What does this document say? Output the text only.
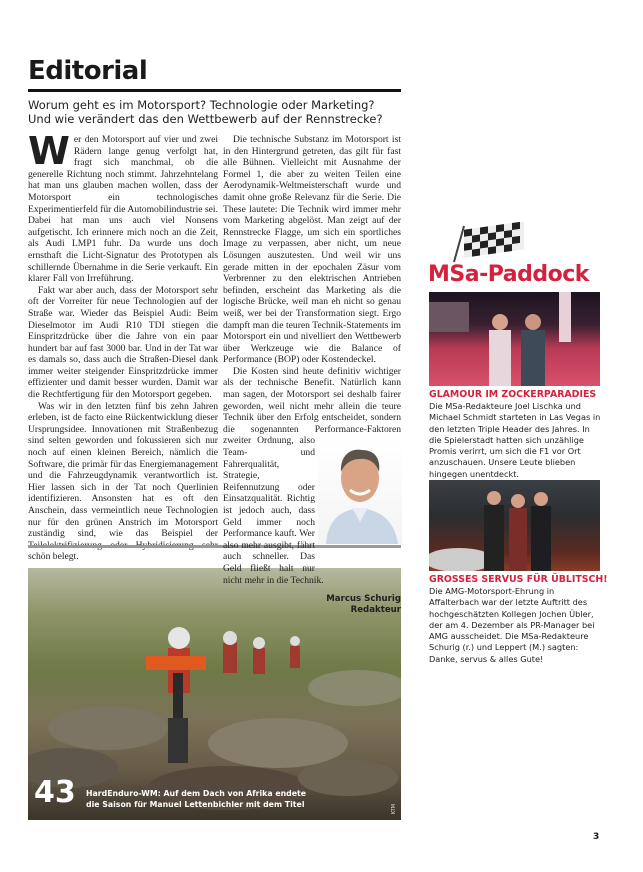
Editorial
Worum geht es im Motorsport? Technologie oder Marketing?
Und wie verändert das den Wettbewerb auf der Rennstrecke?

Wer den Motorsport auf vier und zwei Rädern lange genug verfolgt hat, fragt sich manchmal, ob die generelle Richtung noch stimmt. Jahrzehntelang hat man uns glauben machen wollen, dass der Motorsport ein technologisches Experimentierfeld für die Automobilindustrie sei. Dabei hat man uns auch viel Nonsens aufgetischt. Ich erinnere mich noch an die Zeit, als Audi LMP1 fuhr. Da wurde uns doch ernsthaft die Licht-Signatur des Prototypen als schillernde Übernahme in die Serie verkauft. Ein klarer Fall von Irreführung.

Fakt war aber auch, dass der Motorsport sehr oft der Vorreiter für neue Technologien auf der Straße war. Wieder das Beispiel Audi: Beim Dieselmotor im Audi R10 TDI stiegen die Einspritzdrücke über die Jahre von ein paar hundert bar auf fast 3000 bar. Und in der Tat war es damals so, dass auch die Straßen-Diesel dank immer weiter steigender Einspritzdrücke immer effizienter und damit besser wurden. Damit war die Rechtfertigung für den Motorsport gegeben.

Was wir in den letzten fünf bis zehn Jahren erleben, ist de facto eine Rückentwicklung dieser Ursprungsidee. Innovationen mit Straßenbezug sind selten geworden und fokussieren sich nur noch auf einen kleinen Bereich, nämlich die Software, die primär für das Energiemanagement und die Fahrzeugdynamik verantwortlich ist. Hier lassen sich in der Tat noch Querlinien identifizieren. Ansonsten hat es oft den Anschein, dass vermeintlich neue Technologien nur für den grünen Anstrich im Motorsport zuständig sind, wie das Beispiel der schön belegt.

Die technische Substanz im Motorsport ist in den Hintergrund getreten, das gilt für fast alle Bühnen. Vielleicht mit Ausnahme der Formel 1, die aber zu weiten Teilen eine Aerodynamik-Weltmeisterschaft wurde und damit ohne große Relevanz für die Serie. Die These lautete: Die Technik wird immer mehr vom Marketing abgelöst. Man zeigt auf der Rennstrecke Flagge, um sich ein sportliches Image zu verpassen, aber nicht, um neue Lösungen auszutesten. Und weil wir uns gerade mitten in der epochalen Zäsur vom Verbrenner zu den elektrischen Antrieben befinden, erscheint das Marketing als die logische Brücke, weil man eh nicht so genau weiß, wer bei der Transformation siegt. Ergo dampft man die teuren Technik-Statements im Motorsport ein und nivelliert den Wettbewerb über Werkzeuge wie die Balance of Performance (BOP) oder Kostendeckel.

Die Kosten sind heute definitiv wichtiger als der technische Benefit. Natürlich kann man sagen, der Motorsport sei deshalb fairer geworden, weil nicht mehr allein die teure Technik über den Erfolg entscheidet, sondern die sogenannten Performance-Faktoren zweiter Ordnung, also Team- und Fahrerqualität, Strategie, Reifennutzung oder Einsatzqualität. Richtig ist jedoch auch, dass Geld immer noch Performance kauft. Wer also mehr ausgibt, fährt auch schneller. Das Geld fließt halt nur nicht mehr in die Technik.

Marcus Schurig
Redakteur
43 HardEnduro-WM: Auf dem Dach von Afrika endete
die Saison für Manuel Lettenbichler mit dem Titel	KTM
MSa-Paddock
GLAMOUR IM ZOCKERPARADIES
Die MSa-Redakteure Joel Lischka und Michael Schmidt starteten in Las Vegas in den letzten Triple Header des Jahres. In die Spielerstadt hatten sich unzählige Promis verirrt, um sich die F1 vor Ort anzuschauen. Unsere Leute blieben hingegen unentdeckt.
GROSSES SERVUS FÜR ÜBLITSCH!
Die AMG-Motorsport-Ehrung in Affalterbach war der letzte Auftritt des hochgeschätzten Kollegen Jochen Übler, der am 4. Dezember als PR-Manager bei AMG ausscheidet. Die MSa-Redakteure Schurig (r.) und Leppert (M.) sagten: Danke, servus & alles Gute!
3
